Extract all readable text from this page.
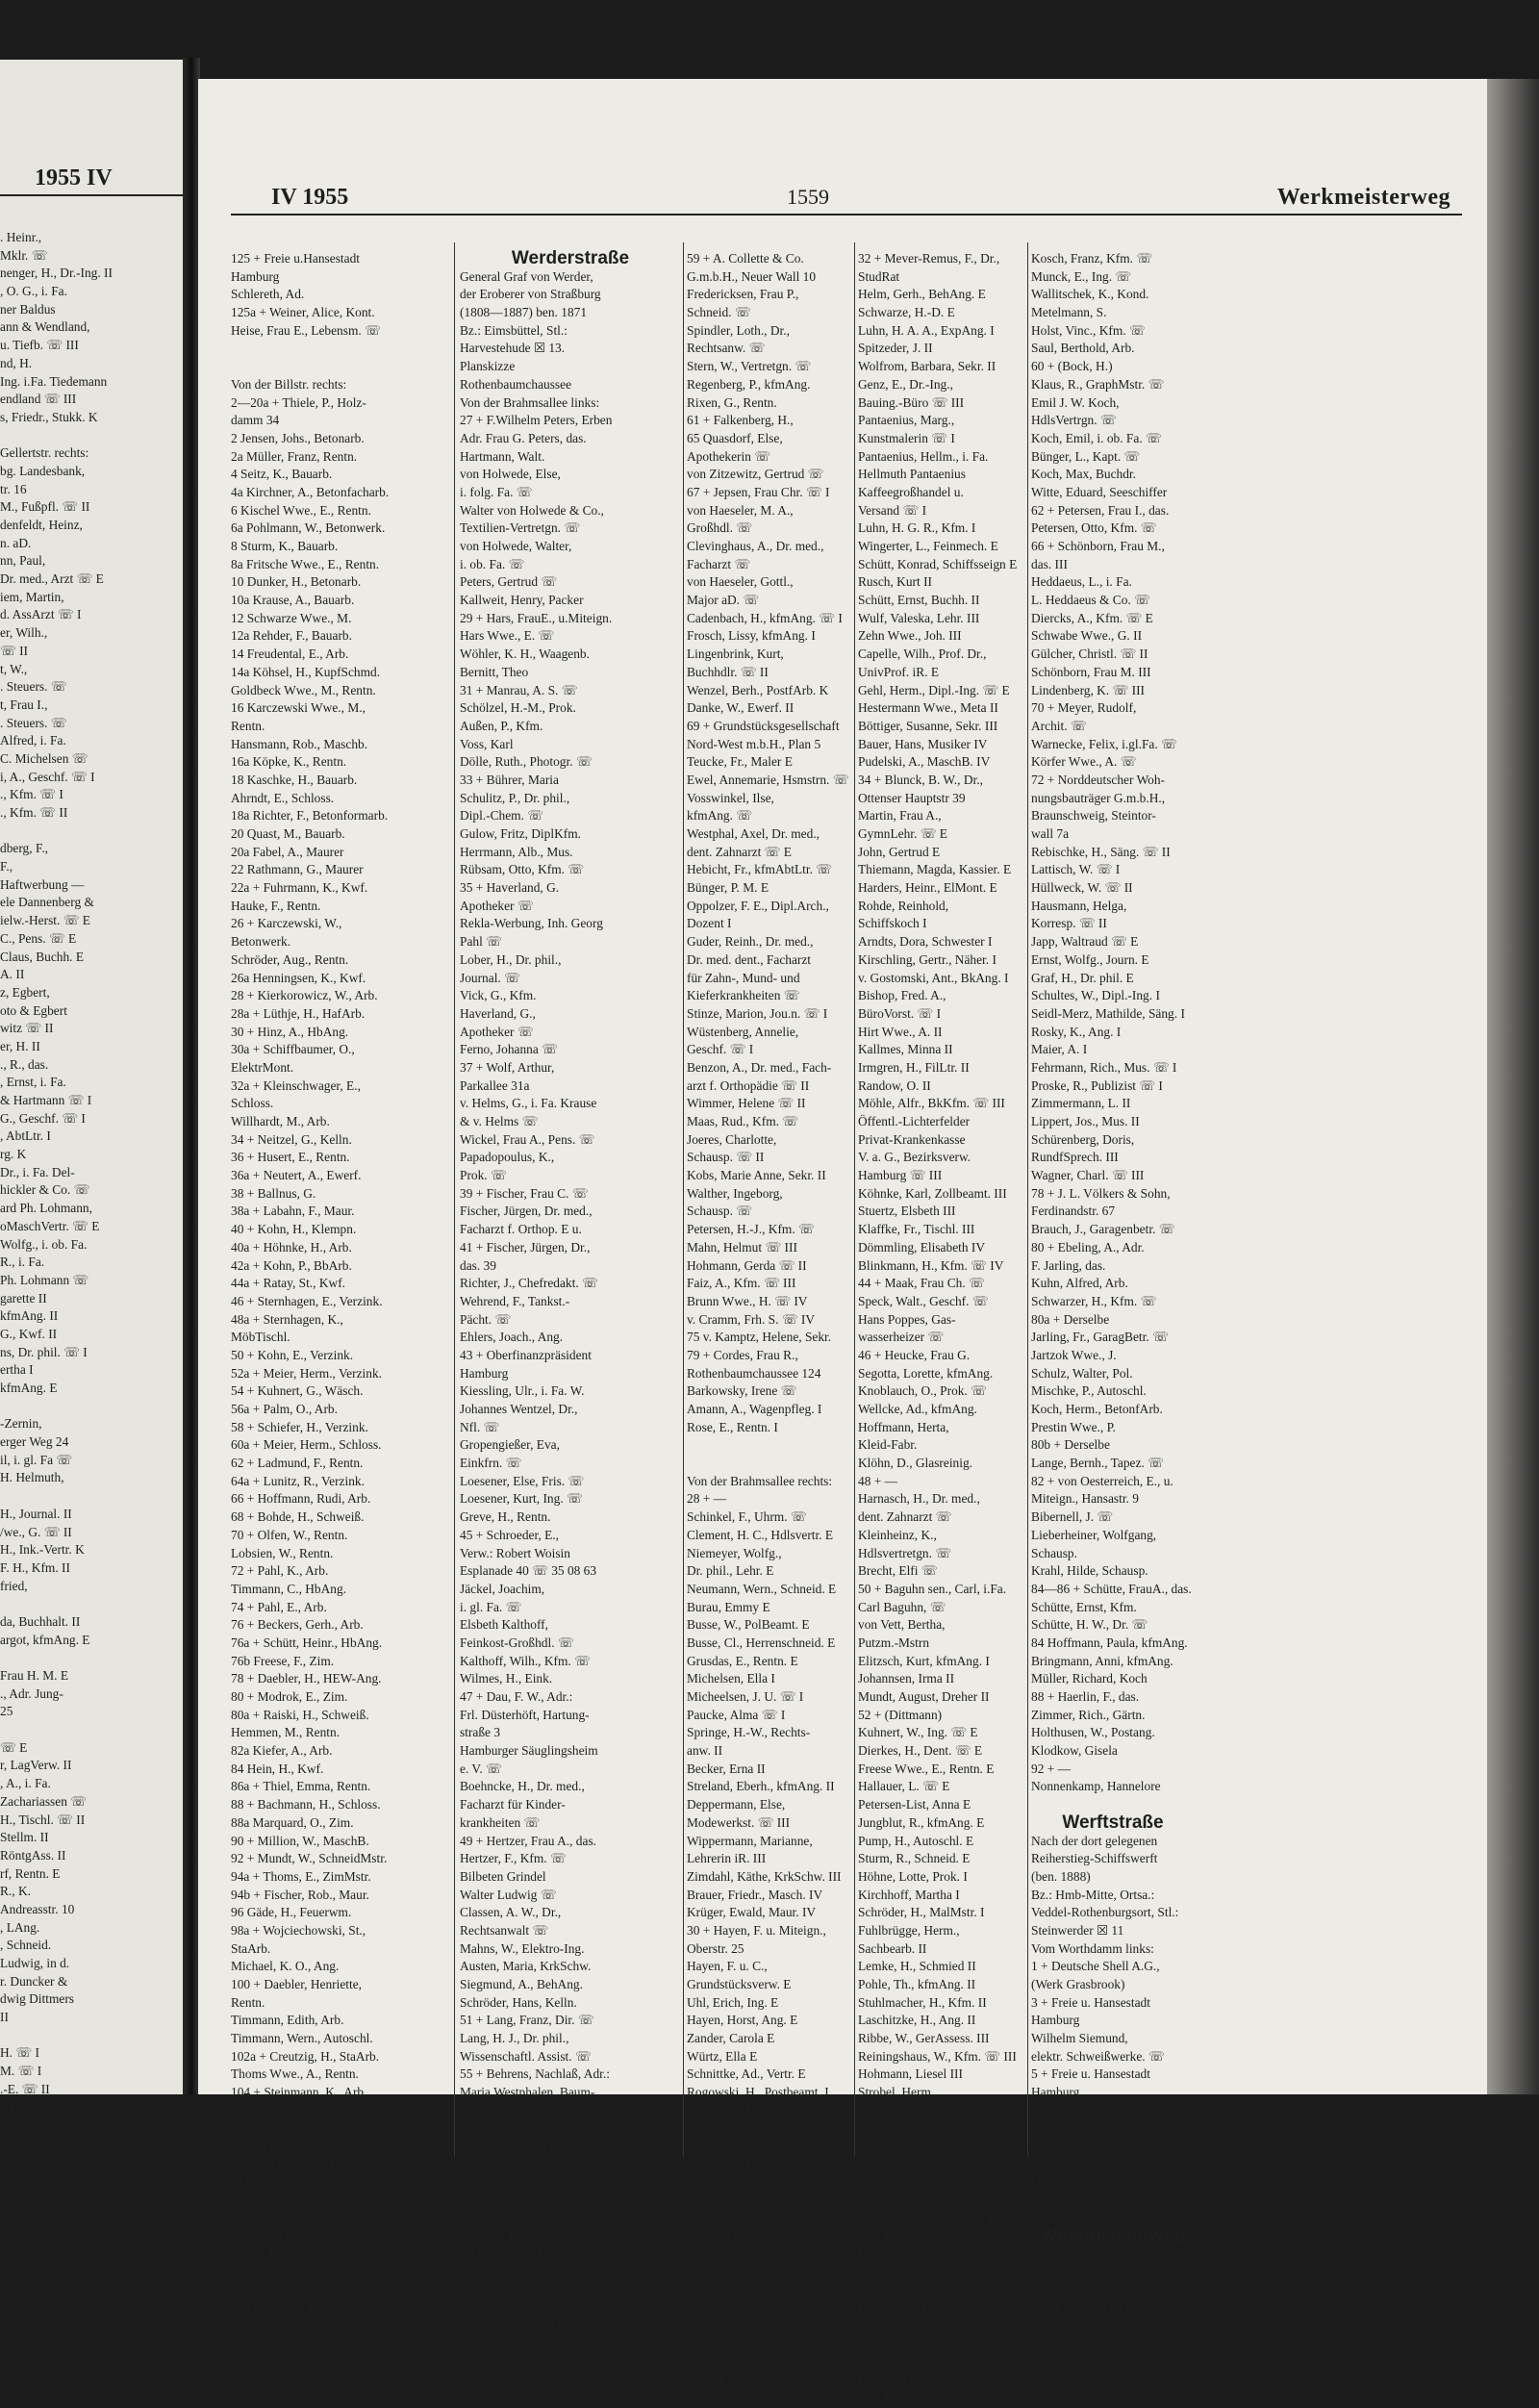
1955 IV
. Heinr.,
Mklr. ☏
nenger, H., Dr.-Ing. II
, O. G., i. Fa.
ner Baldus
ann & Wendland,
u. Tiefb. ☏ III
nd, H.
Ing. i.Fa. Tiedemann
endland ☏ III
s, Friedr., Stukk. K
Gellertstr. rechts:
bg. Landesbank,
tr. 16
M., Fußpfl. ☏ II
denfeldt, Heinz,
n. aD.
nn, Paul,
Dr. med., Arzt ☏ E
iem, Martin,
d. AssArzt ☏ I
er, Wilh.,
☏ II
t, W.,
. Steuers. ☏
t, Frau I.,
. Steuers. ☏
Alfred, i. Fa.
C. Michelsen ☏
i, A., Geschf. ☏ I
., Kfm. ☏ I
., Kfm. ☏ II
dberg, F.,
F.,
Haftwerbung —
ele Dannenberg &
ielw.-Herst. ☏ E
C., Pens. ☏ E
Claus, Buchh. E
A. II
z, Egbert,
oto & Egbert
witz ☏ II
er, H. II
., R., das.
, Ernst, i. Fa.
& Hartmann ☏ I
G., Geschf. ☏ I
, AbtLtr. I
rg. K
Dr., i. Fa. Del-
hickler & Co. ☏
ard Ph. Lohmann,
oMaschVertr. ☏ E
Wolfg., i. ob. Fa.
R., i. Fa.
Ph. Lohmann ☏
garette II
kfmAng. II
G., Kwf. II
ns, Dr. phil. ☏ I
ertha I
kfmAng. E
-Zernin,
erger Weg 24
il, i. gl. Fa ☏
H. Helmuth,
H., Journal. II
/we., G. ☏ II
H., Ink.-Vertr. K
F. H., Kfm. II
fried,
da, Buchhalt. II
argot, kfmAng. E
Frau H. M. E
., Adr. Jung-
25
☏ E
r, LagVerw. II
, A., i. Fa.
Zachariassen ☏
H., Tischl. ☏ II
Stellm. II
RöntgAss. II
rf, Rentn. E
R., K.
Andreasstr. 10
, LAng.
, Schneid.
Ludwig, in d.
r. Duncker &
dwig Dittmers
II
H. ☏ I
M. ☏ I
.-E. ☏ II
e-Liese III
Lausw. K
ceihe
ung, die sich
akter des Ge-
(Ben. 1950)
tte, Ortsa.:
enburgsort,
schlag ☒ 28.
Bmannstraße
Hansestadt
IV 1955	1559	Werkmeisterweg
125 + Freie u.Hansestadt
Hamburg
Schlereth, Ad.
125a + Weiner, Alice, Kont.
Heise, Frau E., Lebensm. ☏
Von der Billstr. rechts:
2—20a + Thiele, P., Holz-
damm 34
2 Jensen, Johs., Betonarb.
2a Müller, Franz, Rentn.
4 Seitz, K., Bauarb.
4a Kirchner, A., Betonfacharb.
6 Kischel Wwe., E., Rentn.
6a Pohlmann, W., Betonwerk.
8 Sturm, K., Bauarb.
8a Fritsche Wwe., E., Rentn.
10 Dunker, H., Betonarb.
10a Krause, A., Bauarb.
12 Schwarze Wwe., M.
12a Rehder, F., Bauarb.
14 Freudental, E., Arb.
14a Köhsel, H., KupfSchmd.
Goldbeck Wwe., M., Rentn.
16 Karczewski Wwe., M.,
Rentn.
Hansmann, Rob., Maschb.
16a Köpke, K., Rentn.
18 Kaschke, H., Bauarb.
Ahrndt, E., Schloss.
18a Richter, F., Betonformarb.
20 Quast, M., Bauarb.
20a Fabel, A., Maurer
22 Rathmann, G., Maurer
22a + Fuhrmann, K., Kwf.
Hauke, F., Rentn.
26 + Karczewski, W.,
Betonwerk.
Schröder, Aug., Rentn.
26a Henningsen, K., Kwf.
28 + Kierkorowicz, W., Arb.
28a + Lüthje, H., HafArb.
30 + Hinz, A., HbAng.
30a + Schiffbaumer, O.,
ElektrMont.
32a + Kleinschwager, E.,
Schloss.
Willhardt, M., Arb.
34 + Neitzel, G., Kelln.
36 + Husert, E., Rentn.
36a + Neutert, A., Ewerf.
38 + Ballnus, G.
38a + Labahn, F., Maur.
40 + Kohn, H., Klempn.
40a + Höhnke, H., Arb.
42a + Kohn, P., BbArb.
44a + Ratay, St., Kwf.
46 + Sternhagen, E., Verzink.
48a + Sternhagen, K.,
MöbTischl.
50 + Kohn, E., Verzink.
52a + Meier, Herm., Verzink.
54 + Kuhnert, G., Wäsch.
56a + Palm, O., Arb.
58 + Schiefer, H., Verzink.
60a + Meier, Herm., Schloss.
62 + Ladmund, F., Rentn.
64a + Lunitz, R., Verzink.
66 + Hoffmann, Rudi, Arb.
68 + Bohde, H., Schweiß.
70 + Olfen, W., Rentn.
Lobsien, W., Rentn.
72 + Pahl, K., Arb.
Timmann, C., HbAng.
74 + Pahl, E., Arb.
76 + Beckers, Gerh., Arb.
76a + Schütt, Heinr., HbAng.
76b Freese, F., Zim.
78 + Daebler, H., HEW-Ang.
80 + Modrok, E., Zim.
80a + Raiski, H., Schweiß.
Hemmen, M., Rentn.
82a Kiefer, A., Arb.
84 Hein, H., Kwf.
86a + Thiel, Emma, Rentn.
88 + Bachmann, H., Schloss.
88a Marquard, O., Zim.
90 + Million, W., MaschB.
92 + Mundt, W., SchneidMstr.
94a + Thoms, E., ZimMstr.
94b + Fischer, Rob., Maur.
96 Gäde, H., Feuerwm.
98a + Wojciechowski, St.,
StaArb.
Michael, K. O., Ang.
100 + Daebler, Henriette,
Rentn.
Timmann, Edith, Arb.
Timmann, Wern., Autoschl.
102a + Creutzig, H., StaArb.
Thoms Wwe., A., Rentn.
104 + Steinmann, K., Arb.
106a Hasselmann, H., Kwf.
108 Cyrsson, K., StaArb.
108a + Rohdaß, E., Rentn.
112 + Maehne, G., Ewerf.
114 + Hehling, H., Arb.
116 + Möhnke, A., StaArb.
118a + Sturberg, K., Schmied
120 + Hanke, Carla, Rentn.
122a + Kupke, K., Dreh.
124 + Freiberg, Conradine
126 + Madaus, W., Arb.
von der Fecht, Heinr., Maur.
Werderstraße
General Graf von Werder,
der Eroberer von Straßburg
(1808—1887) ben. 1871
Bz.: Eimsbüttel, Stl.:
Harvestehude ☒ 13.
Planskizze
Rothenbaumchaussee
Von der Brahmsallee links:
27 + F.Wilhelm Peters, Erben
Adr. Frau G. Peters, das.
Hartmann, Walt.
von Holwede, Else,
i. folg. Fa. ☏
Walter von Holwede & Co.,
Textilien-Vertretgn. ☏
von Holwede, Walter,
i. ob. Fa. ☏
Peters, Gertrud ☏
Kallweit, Henry, Packer
29 + Hars, FrauE., u.Miteign.
Hars Wwe., E. ☏
Wöhler, K. H., Waagenb.
Bernitt, Theo
31 + Manrau, A. S. ☏
Schölzel, H.-M., Prok.
Außen, P., Kfm.
Voss, Karl
Dölle, Ruth., Photogr. ☏
33 + Bührer, Maria
Schulitz, P., Dr. phil.,
Dipl.-Chem. ☏
Gulow, Fritz, DiplKfm.
Herrmann, Alb., Mus.
Rübsam, Otto, Kfm. ☏
35 + Haverland, G.
Apotheker ☏
Rekla-Werbung, Inh. Georg
Pahl ☏
Lober, H., Dr. phil.,
Journal. ☏
Vick, G., Kfm.
Haverland, G.,
Apotheker ☏
Ferno, Johanna ☏
37 + Wolf, Arthur,
Parkallee 31a
v. Helms, G., i. Fa. Krause
& v. Helms ☏
Wickel, Frau A., Pens. ☏
Papadopoulus, K.,
Prok. ☏
39 + Fischer, Frau C. ☏
Fischer, Jürgen, Dr. med.,
Facharzt f. Orthop. E u.
41 + Fischer, Jürgen, Dr.,
das. 39
Richter, J., Chefredakt. ☏
Wehrend, F., Tankst.-
Pächt. ☏
Ehlers, Joach., Ang.
43 + Oberfinanzpräsident
Hamburg
Kiessling, Ulr., i. Fa. W.
Johannes Wentzel, Dr.,
Nfl. ☏
Gropengießer, Eva,
Einkfrn. ☏
Loesener, Else, Fris. ☏
Loesener, Kurt, Ing. ☏
Greve, H., Rentn.
45 + Schroeder, E.,
Verw.: Robert Woisin
Esplanade 40 ☏ 35 08 63
Jäckel, Joachim,
i. gl. Fa. ☏
Elsbeth Kalthoff,
Feinkost-Großhdl. ☏
Kalthoff, Wilh., Kfm. ☏
Wilmes, H., Eink.
47 + Dau, F. W., Adr.:
Frl. Düsterhöft, Hartung-
straße 3
Hamburger Säuglingsheim
e. V. ☏
Boehncke, H., Dr. med.,
Facharzt für Kinder-
krankheiten ☏
49 + Hertzer, Frau A., das.
Hertzer, F., Kfm. ☏
Bilbeten Grindel
Walter Ludwig ☏
Classen, A. W., Dr.,
Rechtsanwalt ☏
Mahns, W., Elektro-Ing.
Austen, Maria, KrkSchw.
Siegmund, A., BehAng.
Schröder, Hans, Kelln.
51 + Lang, Franz, Dir. ☏
Lang, H. J., Dr. phil.,
Wissenschaftl. Assist. ☏
55 + Behrens, Nachlaß, Adr.:
Maria Westphalen, Baum-
kamp 95
Böhme, F., Kfm. ☏
Kirberger, A. K., Kfm. ☏
Kirberger, Frau F.,
Modistin ☏
Reppegather, Willy,
Gastronom ☏
Tödtloff, K., LagMstr.
Eikert, Arthur, Dreher
57 + Altrentnerfürsorge,
Adr. Frau von Loesen,
Koopstr. 10
Schellenberg, F., Tabakw. ☏
59 + A. Collette & Co.
G.m.b.H., Neuer Wall 10
Fredericksen, Frau P.,
Schneid. ☏
Spindler, Loth., Dr.,
Rechtsanw. ☏
Stern, W., Vertretgn. ☏
Regenberg, P., kfmAng.
Rixen, G., Rentn.
61 + Falkenberg, H.,
65 Quasdorf, Else,
Apothekerin ☏
von Zitzewitz, Gertrud ☏
67 + Jepsen, Frau Chr. ☏ I
von Haeseler, M. A.,
Großhdl. ☏
Clevinghaus, A., Dr. med.,
Facharzt ☏
von Haeseler, Gottl.,
Major aD. ☏
Cadenbach, H., kfmAng. ☏ I
Frosch, Lissy, kfmAng. I
Lingenbrink, Kurt,
Buchhdlr. ☏ II
Wenzel, Berh., PostfArb. K
Danke, W., Ewerf. II
69 + Grundstücksgesellschaft
Nord-West m.b.H., Plan 5
Teucke, Fr., Maler E
Ewel, Annemarie, Hsmstrn. ☏
Vosswinkel, Ilse,
kfmAng. ☏
Westphal, Axel, Dr. med.,
dent. Zahnarzt ☏ E
Hebicht, Fr., kfmAbtLtr. ☏
Bünger, P. M. E
Oppolzer, F. E., Dipl.Arch.,
Dozent I
Guder, Reinh., Dr. med.,
Dr. med. dent., Facharzt
für Zahn-, Mund- und
Kieferkrankheiten ☏
Stinze, Marion, Jou.n. ☏ I
Wüstenberg, Annelie,
Geschf. ☏ I
Benzon, A., Dr. med., Fach-
arzt f. Orthopädie ☏ II
Wimmer, Helene ☏ II
Maas, Rud., Kfm. ☏
Joeres, Charlotte,
Schausp. ☏ II
Kobs, Marie Anne, Sekr. II
Walther, Ingeborg,
Schausp. ☏
Petersen, H.-J., Kfm. ☏
Mahn, Helmut ☏ III
Hohmann, Gerda ☏ II
Faiz, A., Kfm. ☏ III
Brunn Wwe., H. ☏ IV
v. Cramm, Frh. S. ☏ IV
75 v. Kamptz, Helene, Sekr.
79 + Cordes, Frau R.,
Rothenbaumchaussee 124
Barkowsky, Irene ☏
Amann, A., Wagenpfleg. I
Rose, E., Rentn. I
Von der Brahmsallee rechts:
28 + —
Schinkel, F., Uhrm. ☏
Clement, H. C., Hdlsvertr. E
Niemeyer, Wolfg.,
Dr. phil., Lehr. E
Neumann, Wern., Schneid. E
Burau, Emmy E
Busse, W., PolBeamt. E
Busse, Cl., Herrenschneid. E
Grusdas, E., Rentn. E
Michelsen, Ella I
Micheelsen, J. U. ☏ I
Paucke, Alma ☏ I
Springe, H.-W., Rechts-
anw. II
Becker, Erna II
Streland, Eberh., kfmAng. II
Deppermann, Else,
Modewerkst. ☏ III
Wippermann, Marianne,
Lehrerin iR. III
Zimdahl, Käthe, KrkSchw. III
Brauer, Friedr., Masch. IV
Krüger, Ewald, Maur. IV
30 + Hayen, F. u. Miteign.,
Oberstr. 25
Hayen, F. u. C.,
Grundstücksverw. E
Uhl, Erich, Ing. E
Hayen, Horst, Ang. E
Zander, Carola E
Würtz, Ella E
Schnittke, Ad., Vertr. E
Rogowski, H., Postbeamt. I
Herrmann, E. II
Michael, H. II
Harder, Willy, Tabakhdlr. I
Reimer, K. I
Renckstorf, W., Vertr. II
Meyer, Hans, Kwf. II
Ludewig, R., Maler II
Simmonds, M.,
Rechtsanw. ☏ III
Krogmann, Ad., kfmAng. III
Wilke Wwe., K. III
Mante, H., Pens. III
SpangWwe.Margarete ☏ III
Spang, Max, Kfm. III
Nonne, Kurt ☏ IV
v. Korf, A. IV
Kruse, Erich, Ing. ☏ IV
32 + Mever-Remus, F., Dr.,
StudRat
Helm, Gerh., BehAng. E
Schwarze, H.-D. E
Luhn, H. A. A., ExpAng. I
Spitzeder, J. II
Wolfrom, Barbara, Sekr. II
Genz, E., Dr.-Ing.,
Bauing.-Büro ☏ III
Pantaenius, Marg.,
Kunstmalerin ☏ I
Pantaenius, Hellm., i. Fa.
Hellmuth Pantaenius
Kaffeegroßhandel u.
Versand ☏ I
Luhn, H. G. R., Kfm. I
Wingerter, L., Feinmech. E
Schütt, Konrad, Schiffsseign E
Rusch, Kurt II
Schütt, Ernst, Buchh. II
Wulf, Valeska, Lehr. III
Zehn Wwe., Joh. III
Capelle, Wilh., Prof. Dr.,
UnivProf. iR. E
Gehl, Herm., Dipl.-Ing. ☏ E
Hestermann Wwe., Meta II
Böttiger, Susanne, Sekr. III
Bauer, Hans, Musiker IV
Pudelski, A., MaschB. IV
34 + Blunck, B. W., Dr.,
Ottenser Hauptstr 39
Martin, Frau A.,
GymnLehr. ☏ E
John, Gertrud E
Thiemann, Magda, Kassier. E
Harders, Heinr., ElMont. E
Rohde, Reinhold,
Schiffskoch I
Arndts, Dora, Schwester I
Kirschling, Gertr., Näher. I
v. Gostomski, Ant., BkAng. I
Bishop, Fred. A.,
BüroVorst. ☏ I
Hirt Wwe., A. II
Kallmes, Minna II
Irmgren, H., FilLtr. II
Randow, O. II
Möhle, Alfr., BkKfm. ☏ III
Öffentl.-Lichterfelder
Privat-Krankenkasse
V. a. G., Bezirksverw.
Hamburg ☏ III
Köhnke, Karl, Zollbeamt. III
Stuertz, Elsbeth III
Klaffke, Fr., Tischl. III
Dömmling, Elisabeth IV
Blinkmann, H., Kfm. ☏ IV
44 + Maak, Frau Ch. ☏
Speck, Walt., Geschf. ☏
Hans Poppes, Gas-
wasserheizer ☏
46 + Heucke, Frau G.
Segotta, Lorette, kfmAng.
Knoblauch, O., Prok. ☏
Wellcke, Ad., kfmAng.
Hoffmann, Herta,
Kleid-Fabr.
Klöhn, D., Glasreinig.
48 + —
Harnasch, H., Dr. med.,
dent. Zahnarzt ☏
Kleinheinz, K.,
Hdlsvertretgn. ☏
Brecht, Elfi ☏
50 + Baguhn sen., Carl, i.Fa.
Carl Baguhn, ☏
von Vett, Bertha,
Putzm.-Mstrn
Elitzsch, Kurt, kfmAng. I
Johannsen, Irma II
Mundt, August, Dreher II
52 + (Dittmann)
Kuhnert, W., Ing. ☏ E
Dierkes, H., Dent. ☏ E
Freese Wwe., E., Rentn. E
Hallauer, L. ☏ E
Petersen-List, Anna E
Jungblut, R., kfmAng. E
Pump, H., Autoschl. E
Sturm, R., Schneid. E
Höhne, Lotte, Prok. I
Kirchhoff, Martha I
Schröder, H., MalMstr. I
Fuhlbrügge, Herm.,
Sachbearb. II
Lemke, H., Schmied II
Pohle, Th., kfmAng. II
Stuhlmacher, H., Kfm. II
Laschitzke, H., Ang. II
Ribbe, W., GerAssess. III
Reiningshaus, W., Kfm. ☏ III
Hohmann, Liesel III
Strobel, Herm.,
ZigVertr. ☏ III
Schwebke, Petra, Kosmet. III
Schwabe, M. III
Kähler, Emmy, Schneid. III
Willer, Gertrud, Hswart. IV
Witt, Diedrich, Rentn. IV
Müller, Otto, Grünw. ☏ K
54 + Reimers, Th. A.,
Lindenallee 29/31
Reimers, Theodor G. W.,
Photograph
Preuss, Th., Fräser
Preuss, G., kfmAng.
58 + Ermisch, Elisabeth,
Reeperbahn 68
Heinrich, Bernhard,
i. gl. Fa. ☏
Kosch, Franz, Kfm. ☏
Munck, E., Ing. ☏
Wallitschek, K., Kond.
Metelmann, S.
Holst, Vinc., Kfm. ☏
Saul, Berthold, Arb.
60 + (Bock, H.)
Klaus, R., GraphMstr. ☏
Emil J. W. Koch,
HdlsVertrgn. ☏
Koch, Emil, i. ob. Fa. ☏
Bünger, L., Kapt. ☏
Koch, Max, Buchdr.
Witte, Eduard, Seeschiffer
62 + Petersen, Frau I., das.
Petersen, Otto, Kfm. ☏
66 + Schönborn, Frau M.,
das. III
Heddaeus, L., i. Fa.
L. Heddaeus & Co. ☏
Diercks, A., Kfm. ☏ E
Schwabe Wwe., G. II
Gülcher, Christl. ☏ II
Schönborn, Frau M. III
Lindenberg, K. ☏ III
70 + Meyer, Rudolf,
Archit. ☏
Warnecke, Felix, i.gl.Fa. ☏
Körfer Wwe., A. ☏
72 + Norddeutscher Woh-
nungsbauträger G.m.b.H.,
Braunschweig, Steintor-
wall 7a
Rebischke, H., Säng. ☏ II
Lattisch, W. ☏ I
Hüllweck, W. ☏ II
Hausmann, Helga,
Korresp. ☏ II
Japp, Waltraud ☏ E
Ernst, Wolfg., Journ. E
Graf, H., Dr. phil. E
Schultes, W., Dipl.-Ing. I
Seidl-Merz, Mathilde, Säng. I
Rosky, K., Ang. I
Maier, A. I
Fehrmann, Rich., Mus. ☏ I
Proske, R., Publizist ☏ I
Zimmermann, L. II
Lippert, Jos., Mus. II
Schürenberg, Doris,
RundfSprech. III
Wagner, Charl. ☏ III
78 + J. L. Völkers & Sohn,
Ferdinandstr. 67
Brauch, J., Garagenbetr. ☏
80 + Ebeling, A., Adr.
F. Jarling, das.
Kuhn, Alfred, Arb.
Schwarzer, H., Kfm. ☏
80a + Derselbe
Jarling, Fr., GaragBetr. ☏
Jartzok Wwe., J.
Schulz, Walter, Pol.
Mischke, P., Autoschl.
Koch, Herm., BetonfArb.
Prestin Wwe., P.
80b + Derselbe
Lange, Bernh., Tapez. ☏
82 + von Oesterreich, E., u.
Miteign., Hansastr. 9
Bibernell, J. ☏
Lieberheiner, Wolfgang,
Schausp.
Krahl, Hilde, Schausp.
84—86 + Schütte, FrauA., das.
Schütte, Ernst, Kfm.
Schütte, H. W., Dr. ☏
84 Hoffmann, Paula, kfmAng.
Bringmann, Anni, kfmAng.
Müller, Richard, Koch
88 + Haerlin, F., das.
Zimmer, Rich., Gärtn.
Holthusen, W., Postang.
Klodkow, Gisela
92 + —
Nonnenkamp, Hannelore
Werftstraße
Nach der dort gelegenen
Reiherstieg-Schiffswerft
(ben. 1888)
Bz.: Hmb-Mitte, Ortsa.:
Veddel-Rothenburgsort, Stl.:
Steinwerder ☒ 11
Vom Worthdamm links:
1 + Deutsche Shell A.G.,
(Werk Grasbrook)
3 + Freie u. Hansestadt
Hamburg
Wilhelm Siemund,
elektr. Schweißwerke. ☏
5 + Freie u. Hansestadt
Hamburg
Spillingwerk, Dampfmast.,
21 + Deutsche Shell A.-G.,
Alsterufer 4-5
Deutsche Shell Aktienges.
(Werk Grasbrook) ☏
Werkmeisterweg
Eisenbahnermotiv (ben. 1950)
Bz.: Eimsbüttel, Ortsa.: Stel-
lingen, Außst.: Eidelstedt,
Stl.: Eidelstedt ☒ Eid
